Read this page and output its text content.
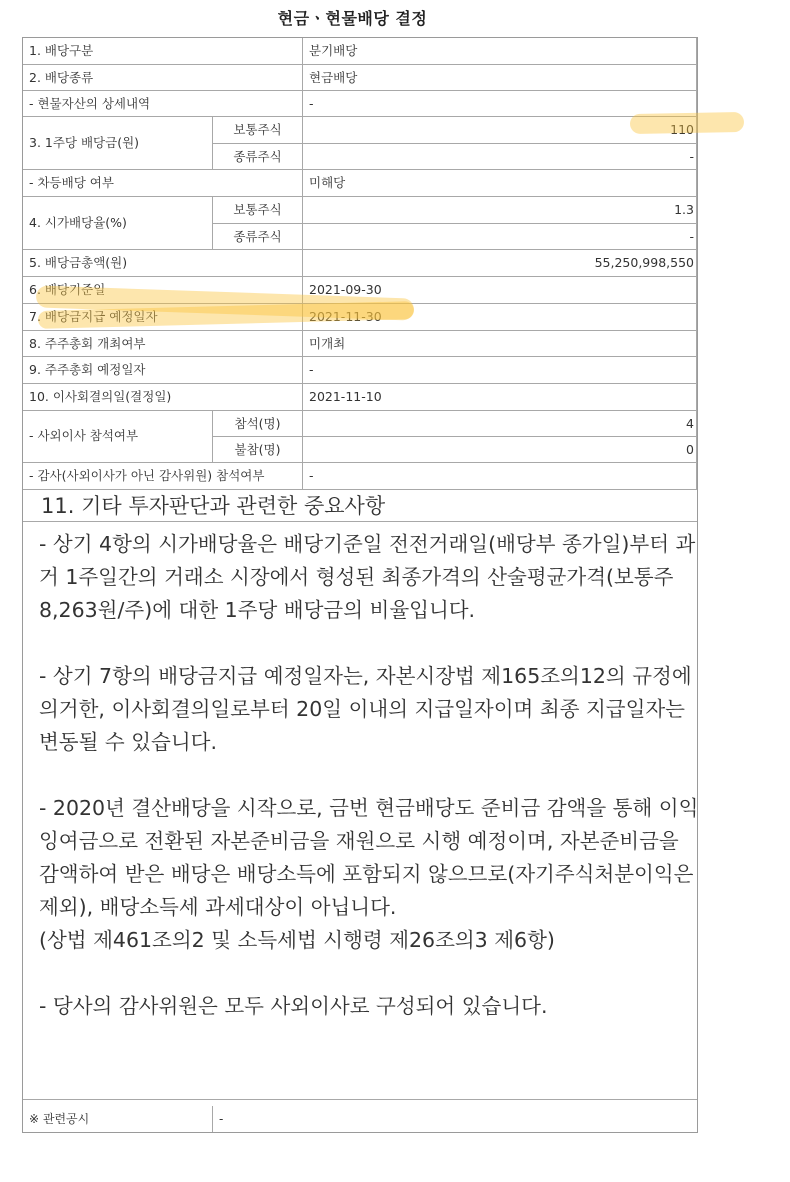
현금ㆍ현물배당 결정
1. 배당구분	분기배당
2. 배당종류	현금배당
- 현물자산의 상세내역	-
3. 1주당 배당금(원)
보통주식	110
종류주식	-
- 차등배당 여부	미해당
4. 시가배당율(%)
보통주식	1.3
종류주식	-
5. 배당금총액(원)	55,250,998,550
6. 배당기준일	2021-09-30
7. 배당금지급 예정일자	2021-11-30
8. 주주총회 개최여부	미개최
9. 주주총회 예정일자	-
10. 이사회결의일(결정일)	2021-11-10
- 사외이사 참석여부
참석(명)	4
불참(명)	0
- 감사(사외이사가 아닌 감사위원) 참석여부	-
11. 기타 투자판단과 관련한 중요사항

- 상기 4항의 시가배당율은 배당기준일 전전거래일(배당부 종가일)부터 과거 1주일간의 거래소 시장에서 형성된 최종가격의 산술평균가격(보통주 8,263원/주)에 대한 1주당 배당금의 비율입니다.

- 상기 7항의 배당금지급 예정일자는, 자본시장법 제165조의12의 규정에 의거한, 이사회결의일로부터 20일 이내의 지급일자이며 최종 지급일자는 변동될 수 있습니다.

- 2020년 결산배당을 시작으로, 금번 현금배당도 준비금 감액을 통해 이익잉여금으로 전환된 자본준비금을 재원으로 시행 예정이며, 자본준비금을 감액하여 받은 배당은 배당소득에 포함되지 않으므로(자기주식처분이익은 제외), 배당소득세 과세대상이 아닙니다.

(상법 제461조의2 및 소득세법 시행령 제26조의3 제6항)

- 당사의 감사위원은 모두 사외이사로 구성되어 있습니다.

※ 관련공시	-
